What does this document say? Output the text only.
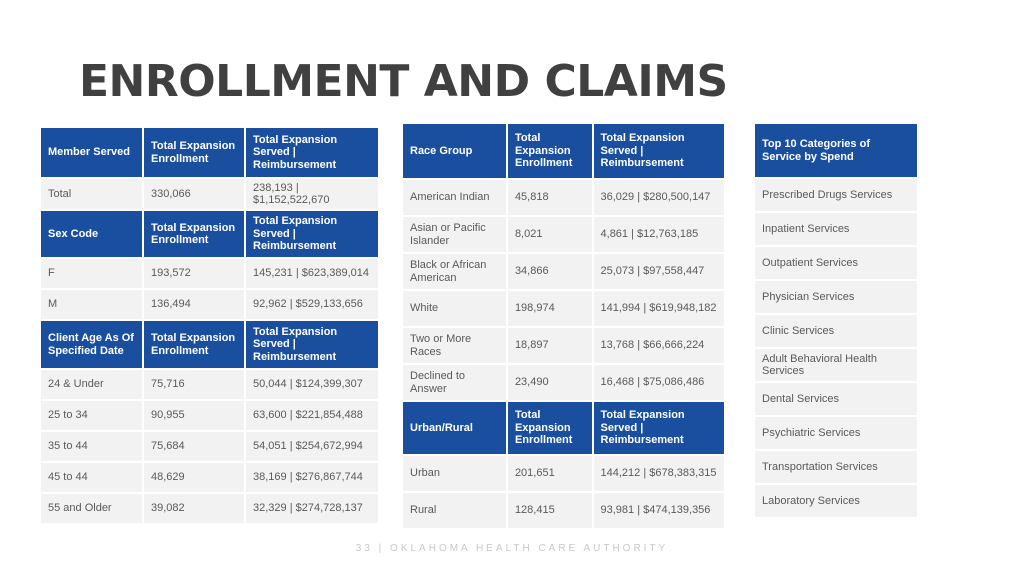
ENROLLMENT AND CLAIMS
Member Served	Total Expansion Enrollment	Total Expansion Served | Reimbursement
Total	330,066	238,193 | $1,152,522,670
Sex Code	Total Expansion Enrollment	Total Expansion Served | Reimbursement
F	193,572	145,231 | $623,389,014
M	136,494	92,962 | $529,133,656
Client Age As Of Specified Date	Total Expansion Enrollment	Total Expansion Served | Reimbursement
24 & Under	75,716	50,044 | $124,399,307
25 to 34	90,955	63,600 | $221,854,488
35 to 44	75,684	54,051 | $254,672,994
45 to 44	48,629	38,169 | $276,867,744
55 and Older	39,082	32,329 | $274,728,137
Race Group	Total Expansion Enrollment	Total Expansion Served | Reimbursement
American Indian	45,818	36,029 | $280,500,147
Asian or Pacific Islander	8,021	4,861 | $12,763,185
Black or African American	34,866	25,073 | $97,558,447
White	198,974	141,994 | $619,948,182
Two or More Races	18,897	13,768 | $66,666,224
Declined to Answer	23,490	16,468 | $75,086,486
Urban/Rural	Total Expansion Enrollment	Total Expansion Served | Reimbursement
Urban	201,651	144,212 | $678,383,315
Rural	128,415	93,981 | $474,139,356
Top 10 Categories of Service by Spend
Prescribed Drugs Services
Inpatient Services
Outpatient Services
Physician Services
Clinic Services
Adult Behavioral Health Services
Dental Services
Psychiatric Services
Transportation Services
Laboratory Services
33 | OKLAHOMA HEALTH CARE AUTHORITY
